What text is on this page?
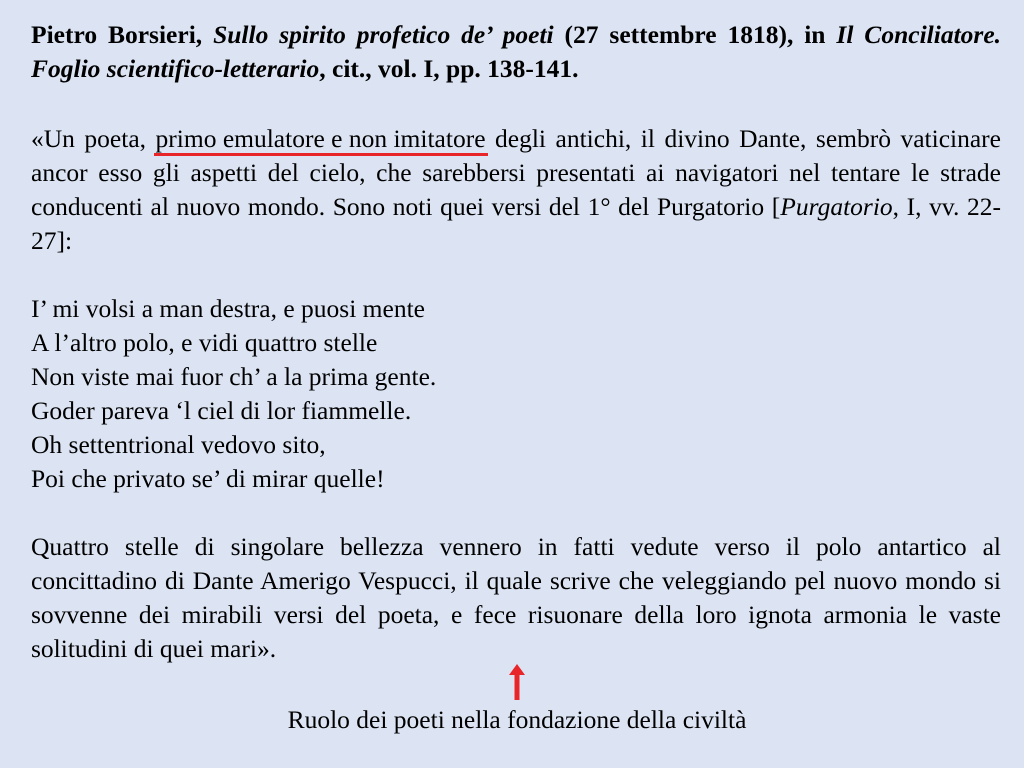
Pietro Borsieri, Sullo spirito profetico de’ poeti (27 settembre 1818), in Il Conciliatore. Foglio scientifico-letterario, cit., vol. I, pp. 138-141.

«Un poeta, primo emulatore e non imitatore
degli antichi, il divino Dante, sembrò vaticinare ancor esso gli aspetti del cielo, che sarebbersi presentati ai navigatori nel tentare le strade conducenti al nuovo mondo. Sono noti quei versi del 1° del Purgatorio [Purgatorio, I, vv. 22-27]:

I’ mi volsi a man destra, e puosi mente
A l’altro polo, e vidi quattro stelle
Non viste mai fuor ch’ a la prima gente.
Goder pareva ‘l ciel di lor fiammelle.
Oh settentrional vedovo sito,
Poi che privato se’ di mirar quelle!

Quattro stelle di singolare bellezza vennero in fatti vedute verso il polo antartico al concittadino di Dante Amerigo Vespucci, il quale scrive che veleggiando pel nuovo mondo si sovvenne dei mirabili versi del poeta, e fece risuonare della loro ignota armonia le vaste solitudini di quei mari».

Ruolo dei poeti nella fondazione della civiltà
